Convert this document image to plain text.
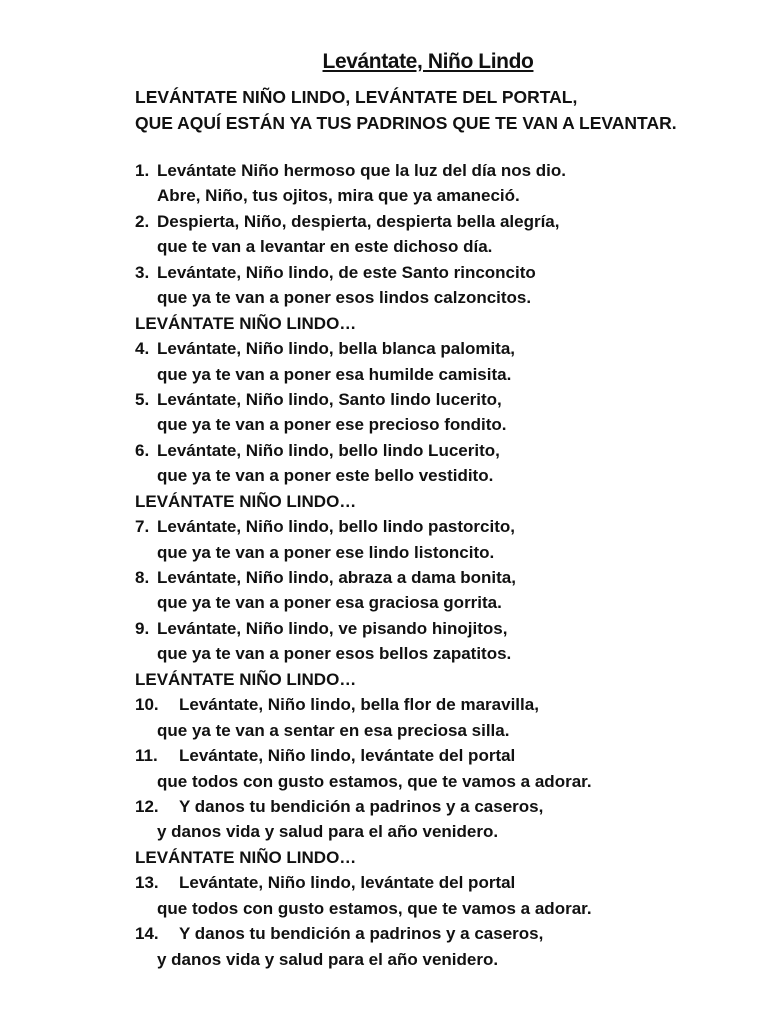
Levántate, Niño Lindo
LEVÁNTATE NIÑO LINDO, LEVÁNTATE DEL PORTAL,
QUE AQUÍ ESTÁN YA TUS PADRINOS QUE TE VAN A LEVANTAR.
1. Levántate Niño hermoso que la luz del día nos dio.
Abre, Niño, tus ojitos, mira que ya amaneció.
2. Despierta, Niño, despierta, despierta bella alegría,
que te van a levantar en este dichoso día.
3. Levántate, Niño lindo, de este Santo rinconcito
que ya te van a poner esos lindos calzoncitos.
LEVÁNTATE NIÑO LINDO…
4. Levántate, Niño lindo, bella blanca palomita,
que ya te van a poner esa humilde camisita.
5. Levántate, Niño lindo, Santo lindo lucerito,
que ya te van a poner ese precioso fondito.
6. Levántate, Niño lindo, bello lindo Lucerito,
que ya te van a poner este bello vestidito.
LEVÁNTATE NIÑO LINDO…
7. Levántate, Niño lindo, bello lindo pastorcito,
que ya te van a poner ese lindo listoncito.
8. Levántate, Niño lindo, abraza a dama bonita,
que ya te van a poner esa graciosa gorrita.
9. Levántate, Niño lindo, ve pisando hinojitos,
que ya te van a poner esos bellos zapatitos.
LEVÁNTATE NIÑO LINDO…
10. Levántate, Niño lindo, bella flor de maravilla,
que ya te van a sentar en esa preciosa silla.
11. Levántate, Niño lindo, levántate del portal
que todos con gusto estamos, que te vamos a adorar.
12. Y danos tu bendición a padrinos y a caseros,
y danos vida y salud para el año venidero.
LEVÁNTATE NIÑO LINDO…
13. Levántate, Niño lindo, levántate del portal
que todos con gusto estamos, que te vamos a adorar.
14. Y danos tu bendición a padrinos y a caseros,
y danos vida y salud para el año venidero.
